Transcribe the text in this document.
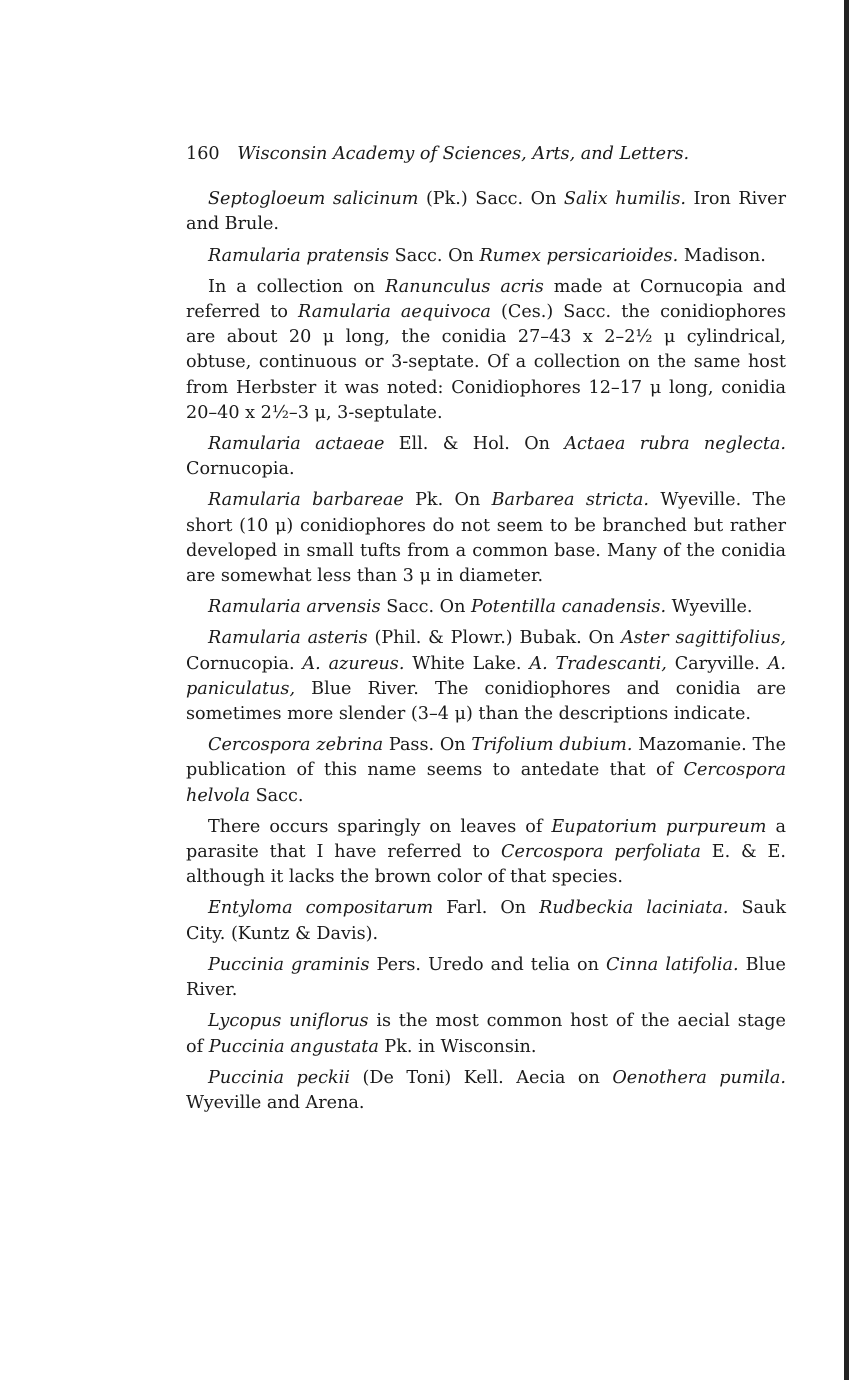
160 Wisconsin Academy of Sciences, Arts, and Letters.

Septogloeum salicinum (Pk.) Sacc. On Salix humilis. Iron River and Brule.

Ramularia pratensis Sacc. On Rumex persicarioides. Madison.

In a collection on Ranunculus acris made at Cornucopia and referred to Ramularia aequivoca (Ces.) Sacc. the conidiophores are about 20 μ long, the conidia 27–43 x 2–2½ μ cylindrical, obtuse, continuous or 3-septate. Of a collection on the same host from Herbster it was noted: Conidiophores 12–17 μ long, conidia 20–40 x 2½–3 μ, 3-septulate.

Ramularia actaeae Ell. & Hol. On Actaea rubra neglecta. Cornucopia.

Ramularia barbareae Pk. On Barbarea stricta. Wyeville. The short (10 μ) conidiophores do not seem to be branched but rather developed in small tufts from a common base. Many of the conidia are somewhat less than 3 μ in diameter.

Ramularia arvensis Sacc. On Potentilla canadensis. Wyeville.

Ramularia asteris (Phil. & Plowr.) Bubak. On Aster sagittifolius, Cornucopia. A. azureus. White Lake. A. Tradescanti, Caryville. A. paniculatus, Blue River. The conidiophores and conidia are sometimes more slender (3–4 μ) than the descriptions indicate.

Cercospora zebrina Pass. On Trifolium dubium. Mazomanie. The publication of this name seems to antedate that of Cercospora helvola Sacc.

There occurs sparingly on leaves of Eupatorium purpureum a parasite that I have referred to Cercospora perfoliata E. & E. although it lacks the brown color of that species.

Entyloma compositarum Farl. On Rudbeckia laciniata. Sauk City. (Kuntz & Davis).

Puccinia graminis Pers. Uredo and telia on Cinna latifolia. Blue River.

Lycopus uniflorus is the most common host of the aecial stage of Puccinia angustata Pk. in Wisconsin.

Puccinia peckii (De Toni) Kell. Aecia on Oenothera pumila. Wyeville and Arena.
